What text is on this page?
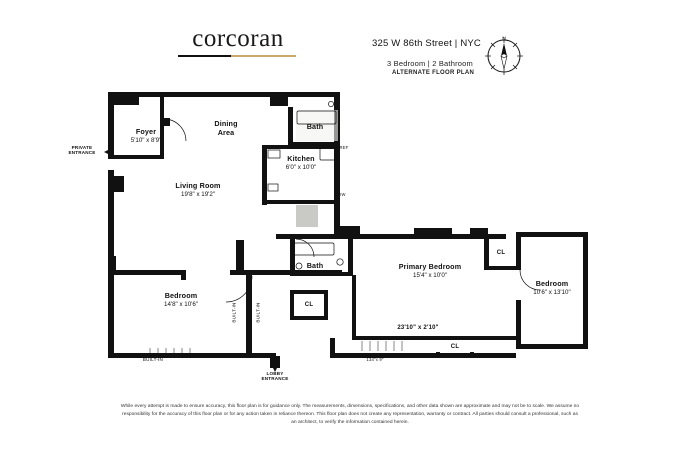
corcoran	325 W 86th Street | NYC
3 Bedroom | 2 Bathroom
ALTERNATE FLOOR PLAN
N
Foyer
5'10" x 8'9"
Dining
Area
Bath
Kitchen
6'0" x 10'0"
Living Room
19'8" x 19'2"
Bedroom
14'8" x 10'6"
Bath	Primary Bedroom
15'4" x 10'0"
Bedroom
10'6" x 13'10"
PRIVATE
ENTRANCE
LOBBY
ENTRANCE
CL
CL
CL
23'10" x 2'10"
134"x 9"
BUILT-IN
BUILT-IN	BUILT-IN
REF
DW
While every attempt is made to ensure accuracy, this floor plan is for guidance only. The measurements, dimensions, specifications, and other data shown are approximate and may not be to scale. We assume no responsibility for the accuracy of this floor plan or for any action taken in reliance thereon. This floor plan does not create any representation, warranty or contract. All parties should consult a professional, such as an architect, to verify the information contained herein.
